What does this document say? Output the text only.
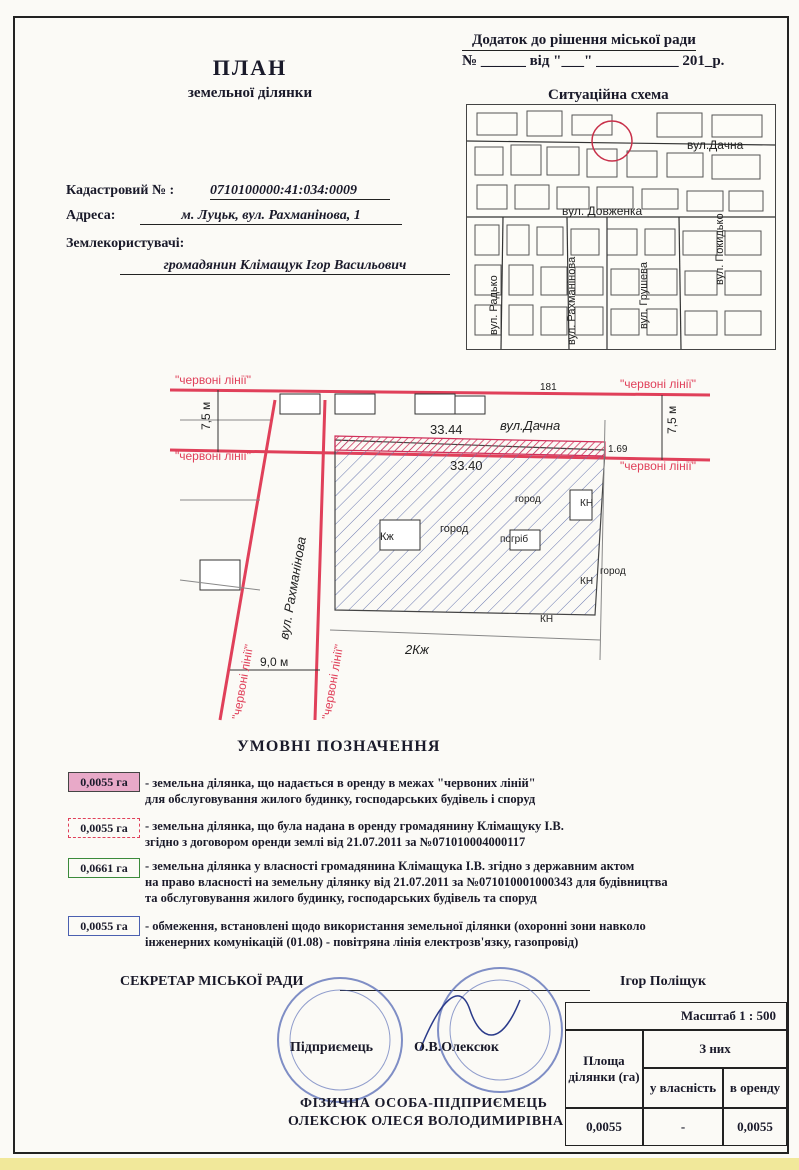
ПЛАН
земельної ділянки
Додаток до рішення міської ради
№ ______ від "___" ___________ 201_р.
Кадастровий № :	0710100000:41:034:0009
Адреса:	м. Луцьк, вул. Рахманінова, 1
Землекористувачі:
громадянин Клімащук Ігор Васильович
Ситуаційна схема
вул.Дачна
вул. Довженка
вул. Радько	вул. Рахманінова	вул. Грушева
вул. Покидько
"червоні лінії"	"червоні лінії"
"червоні лінії"
"червоні лінії"
"червоні лінії"	"червоні лінії"
33.44	вул.Дачна
33.40
1.69
7,5 м	7,5 м
9,0 м
вул. Рахманінова
2Кж
Кж
город
погріб
город	КН
КН
КН
город
181
УМОВНІ ПОЗНАЧЕННЯ
0,0055 га	- земельна ділянка, що надається в оренду в межах "червоних ліній"
для обслуговування жилого будинку, господарських будівель і споруд
0,0055 га	- земельна ділянка, що була надана в оренду громадянину Клімащуку І.В.
згідно з договором оренди землі від 21.07.2011 за №071010004000117
0,0661 га	- земельна ділянка у власності громадянина Клімащука І.В. згідно з державним актом
на право власності на земельну ділянку від 21.07.2011 за №071010001000343 для будівництва
та обслуговування жилого будинку, господарських будівель та споруд
0,0055 га	- обмеження, встановлені щодо використання земельної ділянки (охоронні зони навколо
інженерних комунікацій (01.08) - повітряна лінія електрозв'язку, газопровід)
СЕКРЕТАР МІСЬКОЇ РАДИ	Ігор Поліщук
Підприємець	О.В.Олексюк
ФІЗИЧНА ОСОБА-ПІДПРИЄМЕЦЬ
ОЛЕКСЮК ОЛЕСЯ ВОЛОДИМИРІВНА
Масштаб 1 : 500
Площа ділянки (га)
З них
у власність	в оренду
0,0055	-	0,0055
